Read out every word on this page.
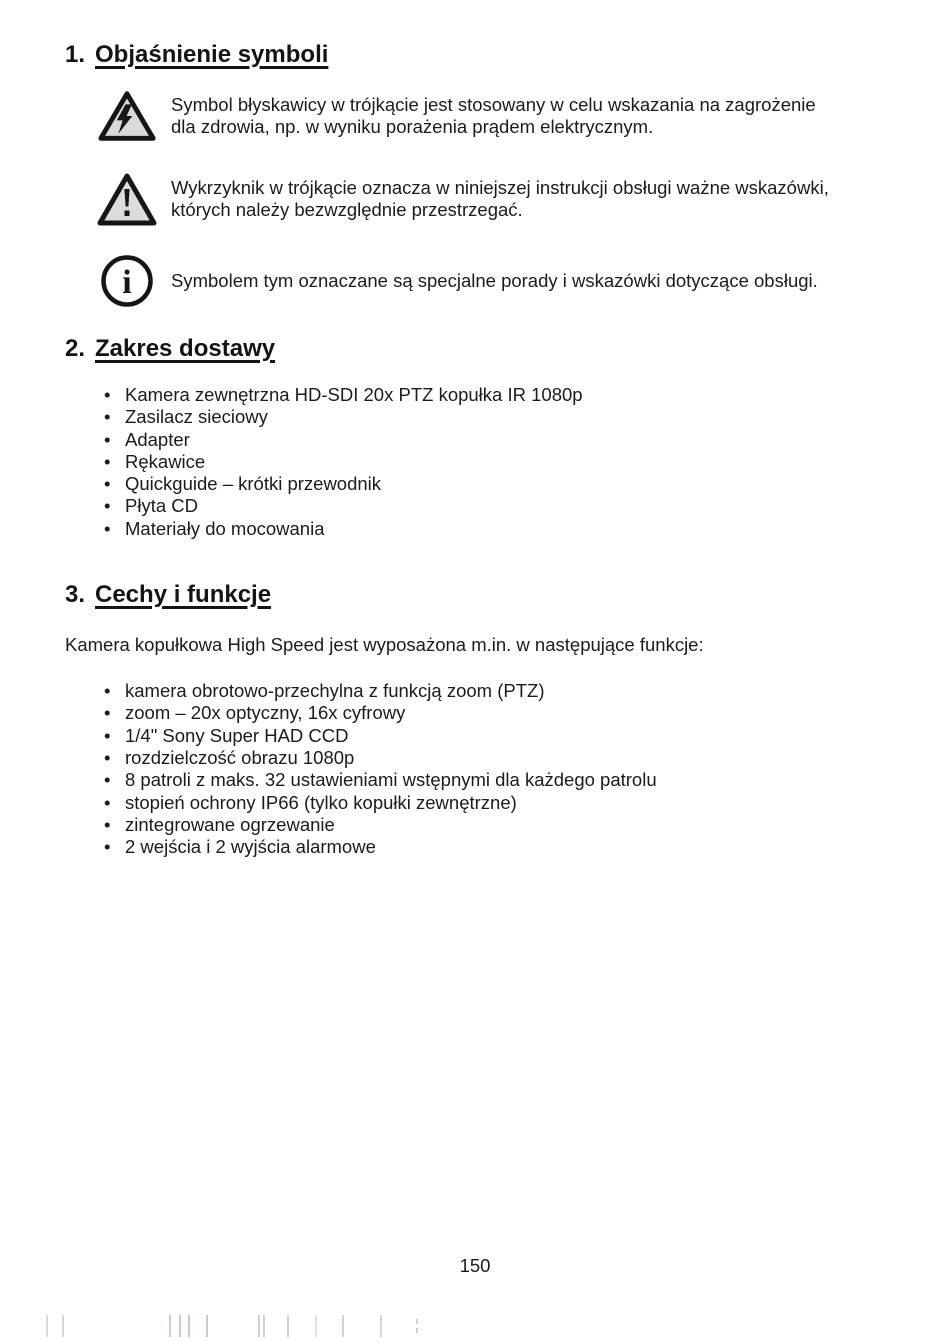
1. Objaśnienie symboli

Symbol błyskawicy w trójkącie jest stosowany w celu wskazania na zagrożenie dla zdrowia, np. w wyniku porażenia prądem elektrycznym.

Wykrzyknik w trójkącie oznacza w niniejszej instrukcji obsługi ważne wskazówki, których należy bezwzględnie przestrzegać.

i Symbolem tym oznaczane są specjalne porady i wskazówki dotyczące obsługi.

2. Zakres dostawy
• Kamera zewnętrzna HD-SDI 20x PTZ kopułka IR 1080p
• Zasilacz sieciowy
• Adapter
• Rękawice
• Quickguide – krótki przewodnik
• Płyta CD
• Materiały do mocowania
3. Cechy i funkcje

Kamera kopułkowa High Speed jest wyposażona m.in. w następujące funkcje:

• kamera obrotowo-przechylna z funkcją zoom (PTZ)
• zoom – 20x optyczny, 16x cyfrowy
• 1/4" Sony Super HAD CCD
• rozdzielczość obrazu 1080p
• 8 patroli z maks. 32 ustawieniami wstępnymi dla każdego patrolu
• stopień ochrony IP66 (tylko kopułki zewnętrzne)
• zintegrowane ogrzewanie
• 2 wejścia i 2 wyjścia alarmowe
150
